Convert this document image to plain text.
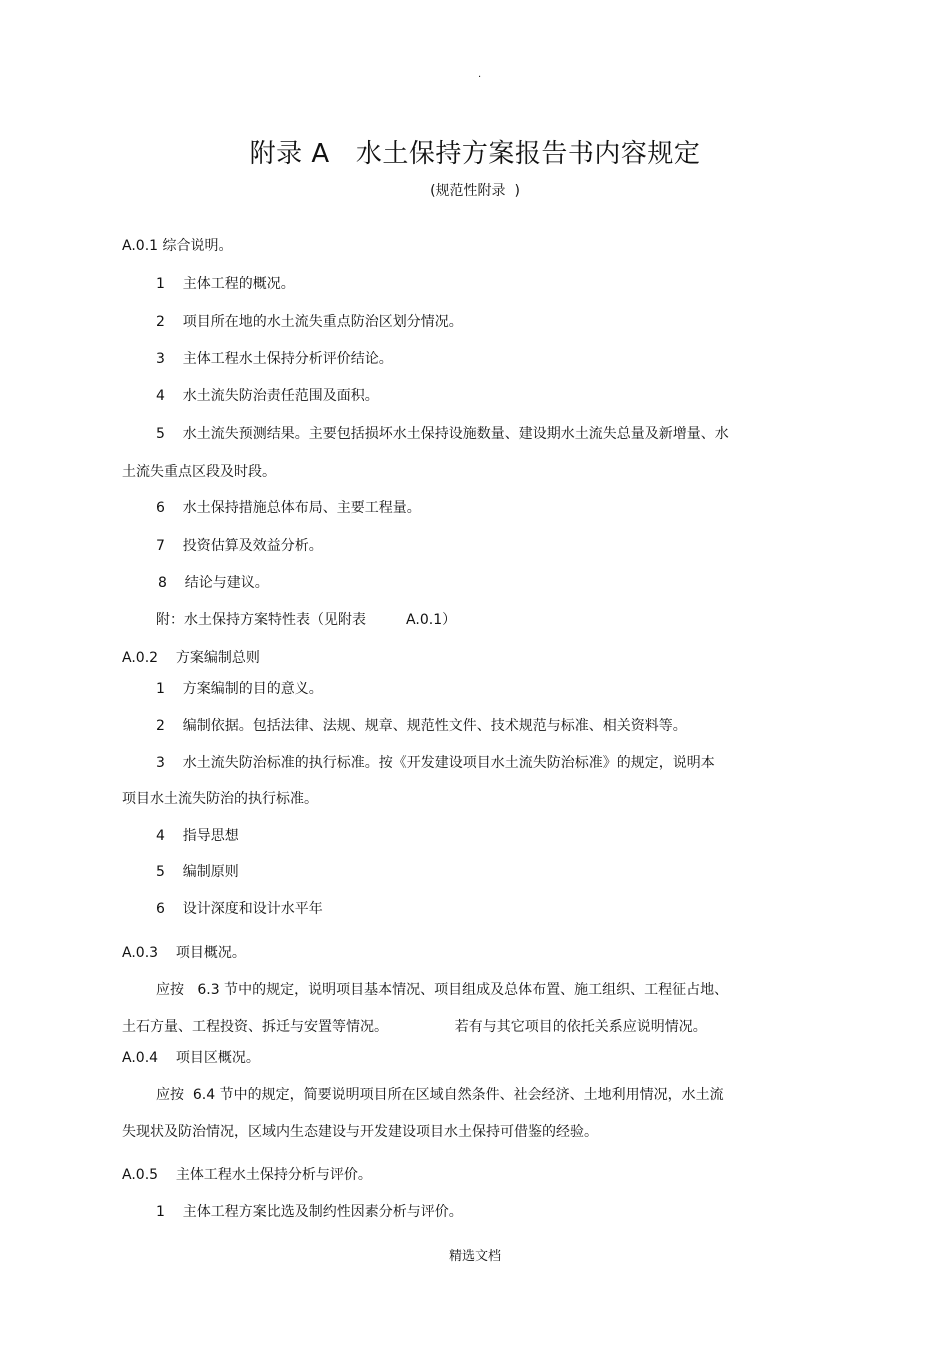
.
附录 A   水土保持方案报告书内容规定
(规范性附录  )
A.0.1 综合说明。
1    主体工程的概况。
2    项目所在地的水土流失重点防治区划分情况。
3    主体工程水土保持分析评价结论。
4    水土流失防治责任范围及面积。
5    水土流失预测结果。主要包括损坏水土保持设施数量、建设期水土流失总量及新增量、水
土流失重点区段及时段。
6    水土保持措施总体布局、主要工程量。
7    投资估算及效益分析。
8    结论与建议。
附：水土保持方案特性表（见附表         A.0.1）
A.0.2    方案编制总则
1    方案编制的目的意义。
2    编制依据。包括法律、法规、规章、规范性文件、技术规范与标准、相关资料等。
3    水土流失防治标准的执行标准。按《开发建设项目水土流失防治标准》的规定，说明本
项目水土流失防治的执行标准。
4    指导思想
5    编制原则
6    设计深度和设计水平年
A.0.3    项目概况。
应按   6.3 节中的规定，说明项目基本情况、项目组成及总体布置、施工组织、工程征占地、
土石方量、工程投资、拆迁与安置等情况。               若有与其它项目的依托关系应说明情况。
A.0.4    项目区概况。
应按  6.4 节中的规定，简要说明项目所在区域自然条件、社会经济、土地利用情况，水土流
失现状及防治情况，区域内生态建设与开发建设项目水土保持可借鉴的经验。
A.0.5    主体工程水土保持分析与评价。
1    主体工程方案比选及制约性因素分析与评价。
精选文档
